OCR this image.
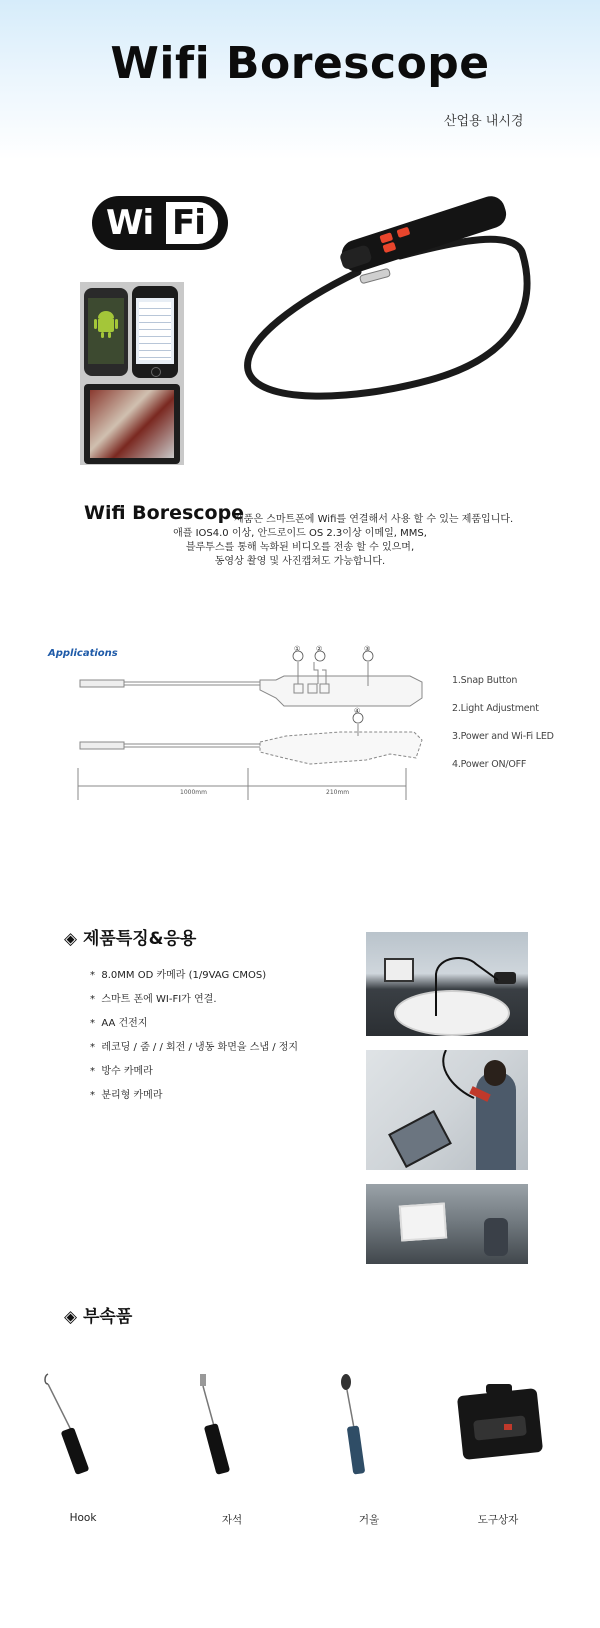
Wifi Borescope
산업용 내시경
Wi Fi
Wifi Borescope
제품은 스마트폰에 Wifi를 연결해서 사용 할 수 있는 제품입니다.
애플 IOS4.0 이상, 안드로이드 OS 2.3이상 이메일, MMS,
블루투스를 통해 녹화된 비디오를 전송 할 수 있으며,
동영상 촬영 및 사진캡쳐도 가능합니다.
Applications	① ②	③
④
1000mm	210mm
1.Snap Button
2.Light Adjustment
3.Power and Wi-Fi LED
4.Power ON/OFF
◈ 제품특징&응용
* 8.0MM OD 카메라 (1/9VAG CMOS)
* 스마트 폰에 WI-FI가 연결.
* AA 건전지
* 레코딩 / 줌 / / 회전 / 냉동 화면을 스냅 / 정지
* 방수 카메라
* 분리형 카메라
◈ 부속품
Hook	자석	거울	도구상자
